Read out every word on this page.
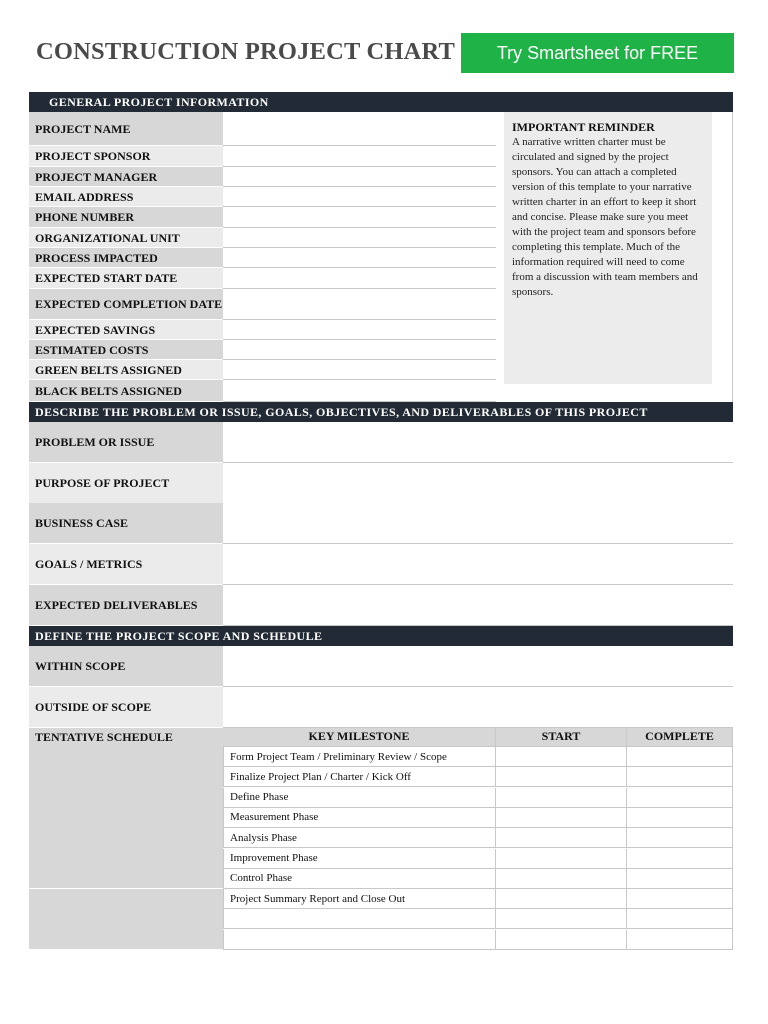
CONSTRUCTION PROJECT CHART	Try Smartsheet for FREE
GENERAL PROJECT INFORMATION
IMPORTANT REMINDER
A narrative written charter must be circulated and signed by the project sponsors. You can attach a completed version of this template to your narrative written charter in an effort to keep it short and concise. Please make sure you meet with the project team and sponsors before completing this template. Much of the information required will need to come from a discussion with team members and sponsors.
DESCRIBE THE PROBLEM OR ISSUE, GOALS, OBJECTIVES, AND DELIVERABLES OF THIS PROJECT
DEFINE THE PROJECT SCOPE AND SCHEDULE
TENTATIVE SCHEDULE	KEY MILESTONE	START	COMPLETE
PROJECT NAME
PROJECT SPONSOR
PROJECT MANAGER
EMAIL ADDRESS
PHONE NUMBER
ORGANIZATIONAL UNIT
PROCESS IMPACTED
EXPECTED START DATE
EXPECTED COMPLETION DATE
EXPECTED SAVINGS
ESTIMATED COSTS
GREEN BELTS ASSIGNED
BLACK BELTS ASSIGNED
PROBLEM OR ISSUE
PURPOSE OF PROJECT
BUSINESS CASE
GOALS / METRICS
EXPECTED DELIVERABLES
WITHIN SCOPE
OUTSIDE OF SCOPE
Form Project Team / Preliminary Review / Scope
Finalize Project Plan / Charter / Kick Off
Define Phase
Measurement Phase
Analysis Phase
Improvement Phase
Control Phase
Project Summary Report and Close Out
